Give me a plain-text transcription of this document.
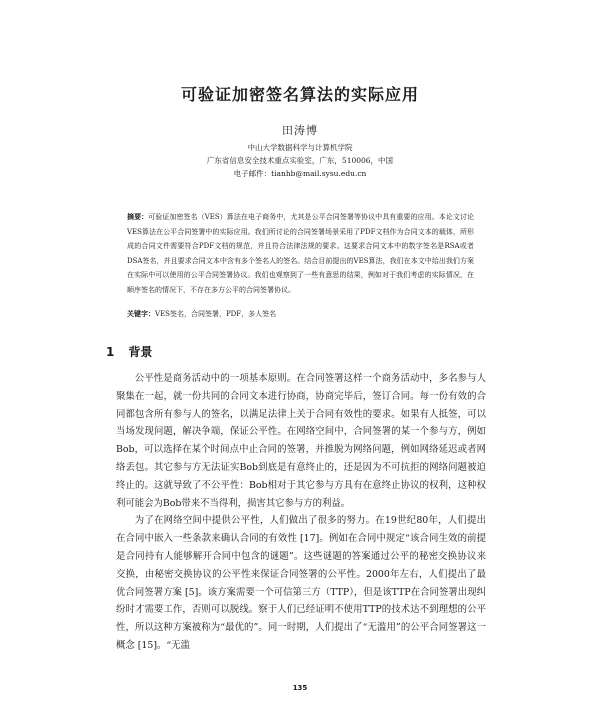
可验证加密签名算法的实际应用
田涛博
中山大学数据科学与计算机学院
广东省信息安全技术重点实验室，广东，510006，中国
电子邮件：tianhb@mail.sysu.edu.cn
摘要：可验证加密签名（VES）算法在电子商务中，尤其是公平合同签署等协议中具有重要的应用。本论文讨论VES算法在公平合同签署中的实际应用。我们所讨论的合同签署场景采用了PDF文档作为合同文本的载体，所形成的合同文件需要符合PDF文档的规范，并且符合法律法规的要求。这要求合同文本中的数字签名是RSA或者DSA签名，并且要求合同文本中含有多个签名人的签名。结合目前提出的VES算法，我们在本文中给出我们方案在实际中可以使用的公平合同签署协议。我们也观察到了一些有意思的结果，例如对于我们考虑的实际情况，在顺序签名的情况下，不存在多方公平的合同签署协议。
关键字：VES签名，合同签署，PDF，多人签名
1 背景

公平性是商务活动中的一项基本原则。在合同签署这样一个商务活动中，多名参与人聚集在一起，就一份共同的合同文本进行协商，协商完毕后，签订合同。每一份有效的合同都包含所有参与人的签名，以满足法律上关于合同有效性的要求。如果有人抵签，可以当场发现问题，解决争端，保证公平性。在网络空间中，合同签署的某一个参与方，例如Bob，可以选择在某个时间点中止合同的签署，并推脱为网络问题，例如网络延迟或者网络丢包。其它参与方无法证实Bob到底是有意终止的，还是因为不可抗拒的网络问题被迫终止的。这就导致了不公平性：Bob相对于其它参与方具有在意终止协议的权利，这种权利可能会为Bob带来不当得利，损害其它参与方的利益。

为了在网络空间中提供公平性，人们做出了很多的努力。在19世纪80年，人们提出在合同中嵌入一些条款来确认合同的有效性 [17]。例如在合同中规定“该合同生效的前提是合同持有人能够解开合同中包含的谜题”。这些谜题的答案通过公平的秘密交换协议来交换，由秘密交换协议的公平性来保证合同签署的公平性。2000年左右，人们提出了最优合同签署方案 [5]。该方案需要一个可信第三方（TTP），但是该TTP在合同签署出现纠纷时才需要工作，否则可以脱线。察于人们已经证明不使用TTP的技术达不到理想的公平性，所以这种方案被称为“最优的”。同一时期，人们提出了“无滥用”的公平合同签署这一概念 [15]。“无滥

135
